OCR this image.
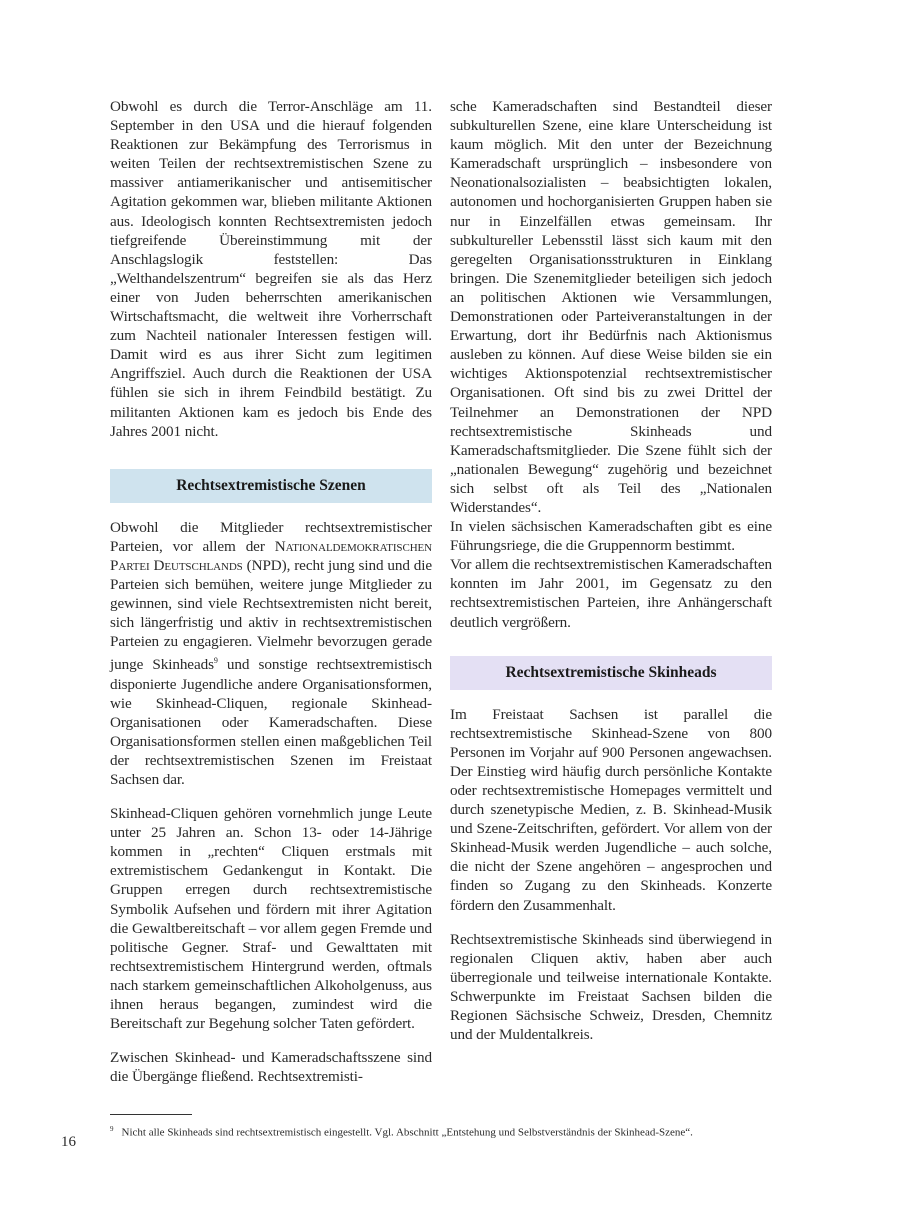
Obwohl es durch die Terror-Anschläge am 11. September in den USA und die hierauf folgenden Reaktionen zur Bekämpfung des Terrorismus in weiten Teilen der rechtsextremistischen Szene zu massiver antiamerikanischer und antisemitischer Agitation gekommen war, blieben militante Aktionen aus. Ideologisch konnten Rechtsextremisten jedoch tiefgreifende Übereinstimmung mit der Anschlagslogik feststellen: Das „Welthandelszentrum“ begreifen sie als das Herz einer von Juden beherrschten amerikanischen Wirtschaftsmacht, die weltweit ihre Vorherrschaft zum Nachteil nationaler Interessen festigen will. Damit wird es aus ihrer Sicht zum legitimen Angriffsziel. Auch durch die Reaktionen der USA fühlen sie sich in ihrem Feindbild bestätigt. Zu militanten Aktionen kam es jedoch bis Ende des Jahres 2001 nicht.

Rechtsextremistische Szenen

Obwohl die Mitglieder rechtsextremistischer Parteien, vor allem der Nationaldemokratischen Partei Deutschlands (NPD), recht jung sind und die Parteien sich bemühen, weitere junge Mitglieder zu gewinnen, sind viele Rechtsextremisten nicht bereit, sich längerfristig und aktiv in rechtsextremistischen Parteien zu engagieren. Vielmehr bevorzugen gerade junge Skinheads$^9$ und sonstige rechtsextremistisch disponierte Jugendliche andere Organisationsformen, wie Skinhead-Cliquen, regionale Skinhead-Organisationen oder Kameradschaften. Diese Organisationsformen stellen einen maßgeblichen Teil der rechtsextremistischen Szenen im Freistaat Sachsen dar.

Skinhead-Cliquen gehören vornehmlich junge Leute unter 25 Jahren an. Schon 13- oder 14-Jährige kommen in „rechten“ Cliquen erstmals mit extremistischem Gedankengut in Kontakt. Die Gruppen erregen durch rechtsextremistische Symbolik Aufsehen und fördern mit ihrer Agitation die Gewaltbereitschaft – vor allem gegen Fremde und politische Gegner. Straf- und Gewalttaten mit rechtsextremistischem Hintergrund werden, oftmals nach starkem gemeinschaftlichen Alkoholgenuss, aus ihnen heraus begangen, zumindest wird die Bereitschaft zur Begehung solcher Taten gefördert.

Zwischen Skinhead- und Kameradschaftsszene sind die Übergänge fließend. Rechtsextremisti-

sche Kameradschaften sind Bestandteil dieser subkulturellen Szene, eine klare Unterscheidung ist kaum möglich. Mit den unter der Bezeichnung Kameradschaft ursprünglich – insbesondere von Neonationalsozialisten – beabsichtigten lokalen, autonomen und hochorganisierten Gruppen haben sie nur in Einzelfällen etwas gemeinsam. Ihr subkultureller Lebensstil lässt sich kaum mit den geregelten Organisationsstrukturen in Einklang bringen. Die Szenemitglieder beteiligen sich jedoch an politischen Aktionen wie Versammlungen, Demonstrationen oder Parteiveranstaltungen in der Erwartung, dort ihr Bedürfnis nach Aktionismus ausleben zu können. Auf diese Weise bilden sie ein wichtiges Aktionspotenzial rechtsextremistischer Organisationen. Oft sind bis zu zwei Drittel der Teilnehmer an Demonstrationen der NPD rechtsextremistische Skinheads und Kameradschaftsmitglieder. Die Szene fühlt sich der „nationalen Bewegung“ zugehörig und bezeichnet sich selbst oft als Teil des „Nationalen Widerstandes“.

In vielen sächsischen Kameradschaften gibt es eine Führungsriege, die die Gruppennorm bestimmt.

Vor allem die rechtsextremistischen Kameradschaften konnten im Jahr 2001, im Gegensatz zu den rechtsextremistischen Parteien, ihre Anhängerschaft deutlich vergrößern.

Rechtsextremistische Skinheads

Im Freistaat Sachsen ist parallel die rechtsextremistische Skinhead-Szene von 800 Personen im Vorjahr auf 900 Personen angewachsen. Der Einstieg wird häufig durch persönliche Kontakte oder rechtsextremistische Homepages vermittelt und durch szenetypische Medien, z. B. Skinhead-Musik und Szene-Zeitschriften, gefördert. Vor allem von der Skinhead-Musik werden Jugendliche – auch solche, die nicht der Szene angehören – angesprochen und finden so Zugang zu den Skinheads. Konzerte fördern den Zusammenhalt.

Rechtsextremistische Skinheads sind überwiegend in regionalen Cliquen aktiv, haben aber auch überregionale und teilweise internationale Kontakte. Schwerpunkte im Freistaat Sachsen bilden die Regionen Sächsische Schweiz, Dresden, Chemnitz und der Muldentalkreis.

$^9$ Nicht alle Skinheads sind rechtsextremistisch eingestellt. Vgl. Abschnitt „Entstehung und Selbstverständnis der Skinhead-Szene“.
16
